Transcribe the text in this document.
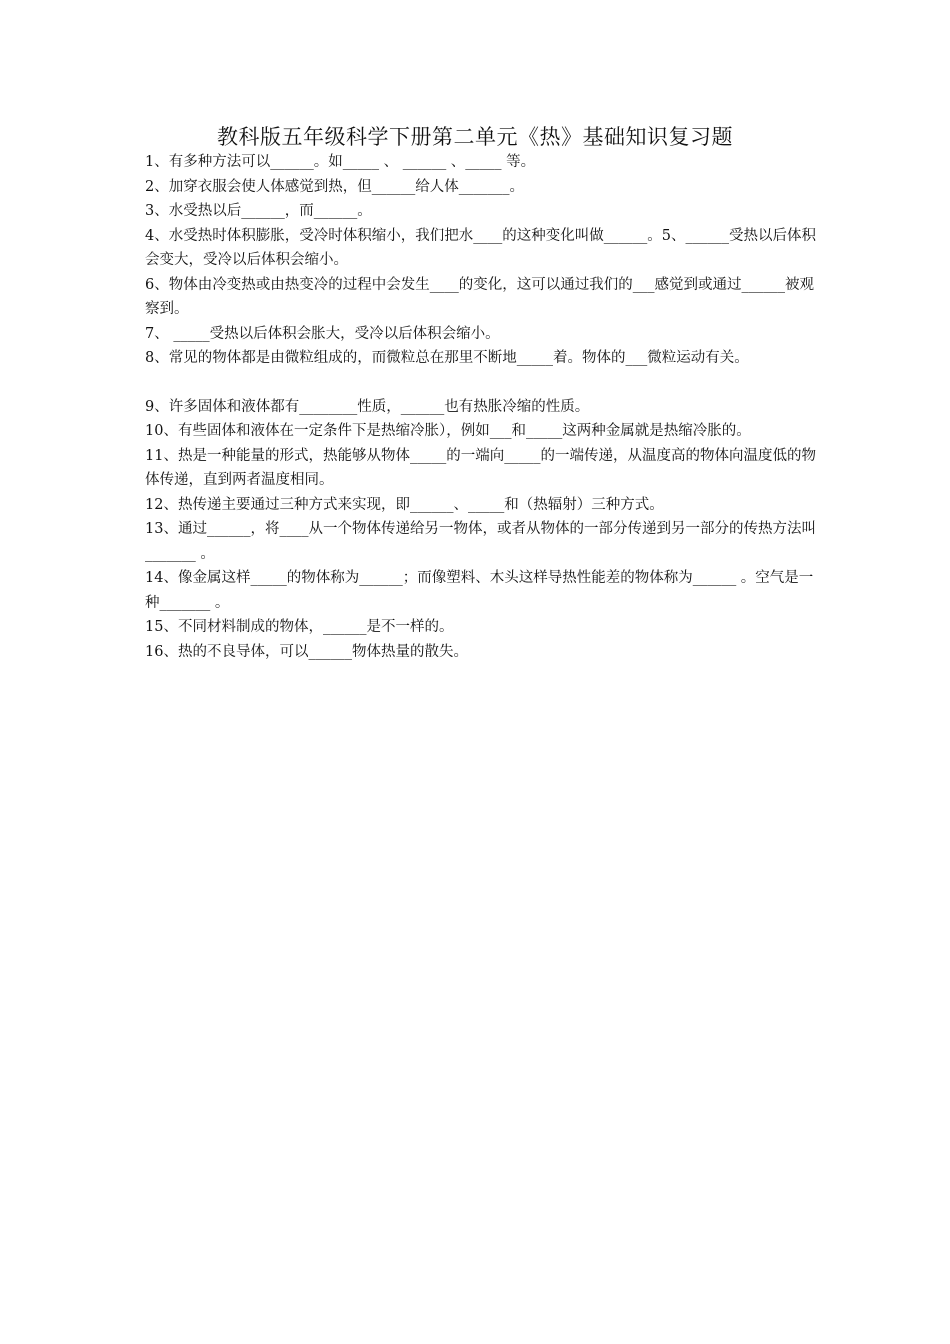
教科版五年级科学下册第二单元《热》基础知识复习题

1、有多种方法可以______。如_____ 、 ______ 、_____ 等。

2、加穿衣服会使人体感觉到热，但______给人体_______。

3、水受热以后______，而______。

4、水受热时体积膨胀，受冷时体积缩小，我们把水____的这种变化叫做______。5、______受热以后体积会变大，受冷以后体积会缩小。

6、物体由冷变热或由热变冷的过程中会发生____的变化，这可以通过我们的___感觉到或通过______被观察到。

7、 _____受热以后体积会胀大，受冷以后体积会缩小。

8、常见的物体都是由微粒组成的，而微粒总在那里不断地_____着。物体的___微粒运动有关。

9、许多固体和液体都有________性质，______也有热胀冷缩的性质。

10、有些固体和液体在一定条件下是热缩冷胀），例如___和_____这两种金属就是热缩冷胀的。

11、热是一种能量的形式，热能够从物体_____的一端向_____的一端传递，从温度高的物体向温度低的物体传递，直到两者温度相同。

12、热传递主要通过三种方式来实现，即______、_____和（热辐射）三种方式。

13、通过______，将____从一个物体传递给另一物体，或者从物体的一部分传递到另一部分的传热方法叫_______ 。

14、像金属这样_____的物体称为______；而像塑料、木头这样导热性能差的物体称为______ 。空气是一种_______ 。

15、不同材料制成的物体，______是不一样的。

16、热的不良导体，可以______物体热量的散失。
